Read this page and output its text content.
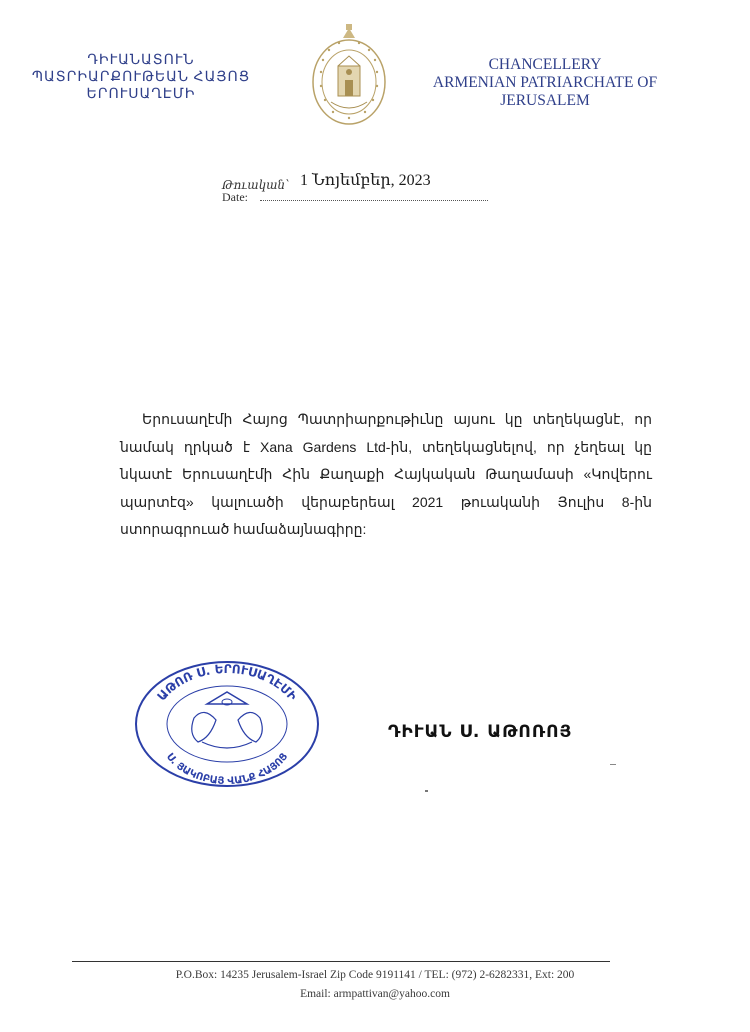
ԴԻՒԱՆԱՏՈՒՆ
ՊԱՏՐԻԱՐՔՈՒԹԵԱՆ ՀԱՅՈՑ
ԵՐՈՒՍԱՂԷՄԻ
CHANCELLERY
ARMENIAN PATRIARCHATE OF
JERUSALEM
Թուական՝
Date:
1 Նոյեմբեր, 2023
Երուսաղէմի Հայոց Պատրիարքութիւնը այսու կը տեղեկացնէ, որ նամակ ղրկած է Xana Gardens Ltd-ին, տեղեկացնելով, որ չեղեալ կը նկատէ Երուսաղէմի Հին Քաղաքի Հայկական Թաղամասի «Կովերու պարտէզ» կալուածի վերաբերեալ 2021 թուականի Յուլիս 8-ին ստորագրուած համաձայնագիրը:
ԱԹՈՌ Ս. ԵՐՈՒՍԱՂԷՄԻ
Ս. ՅԱԿՈԲԱՅ ՎԱՆՔ ՀԱՅՈՑ
ԴԻՒԱՆ Ս. ԱԹՈՌՈՅ
P.O.Box: 14235 Jerusalem-Israel Zip Code 9191141 / TEL: (972) 2-6282331, Ext: 200
Email: armpattivan@yahoo.com
